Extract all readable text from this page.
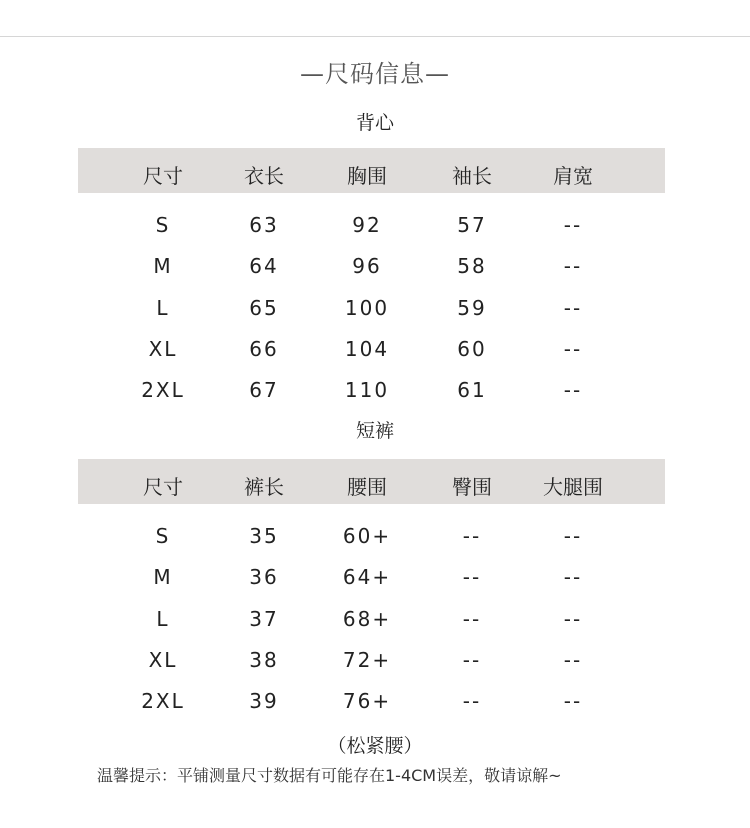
—尺码信息—
背心
尺寸	衣长	胸围	袖长	肩宽
S	63	92	57	--
M	64	96	58	--
L	65	100	59	--
XL	66	104	60	--
2XL	67	110	61	--
短裤
尺寸	裤长	腰围	臀围	大腿围
S	35	60+	--	--
M	36	64+	--	--
L	37	68+	--	--
XL	38	72+	--	--
2XL	39	76+	--	--
（松紧腰）
温馨提示：平铺测量尺寸数据有可能存在1-4CM误差，敬请谅解~
